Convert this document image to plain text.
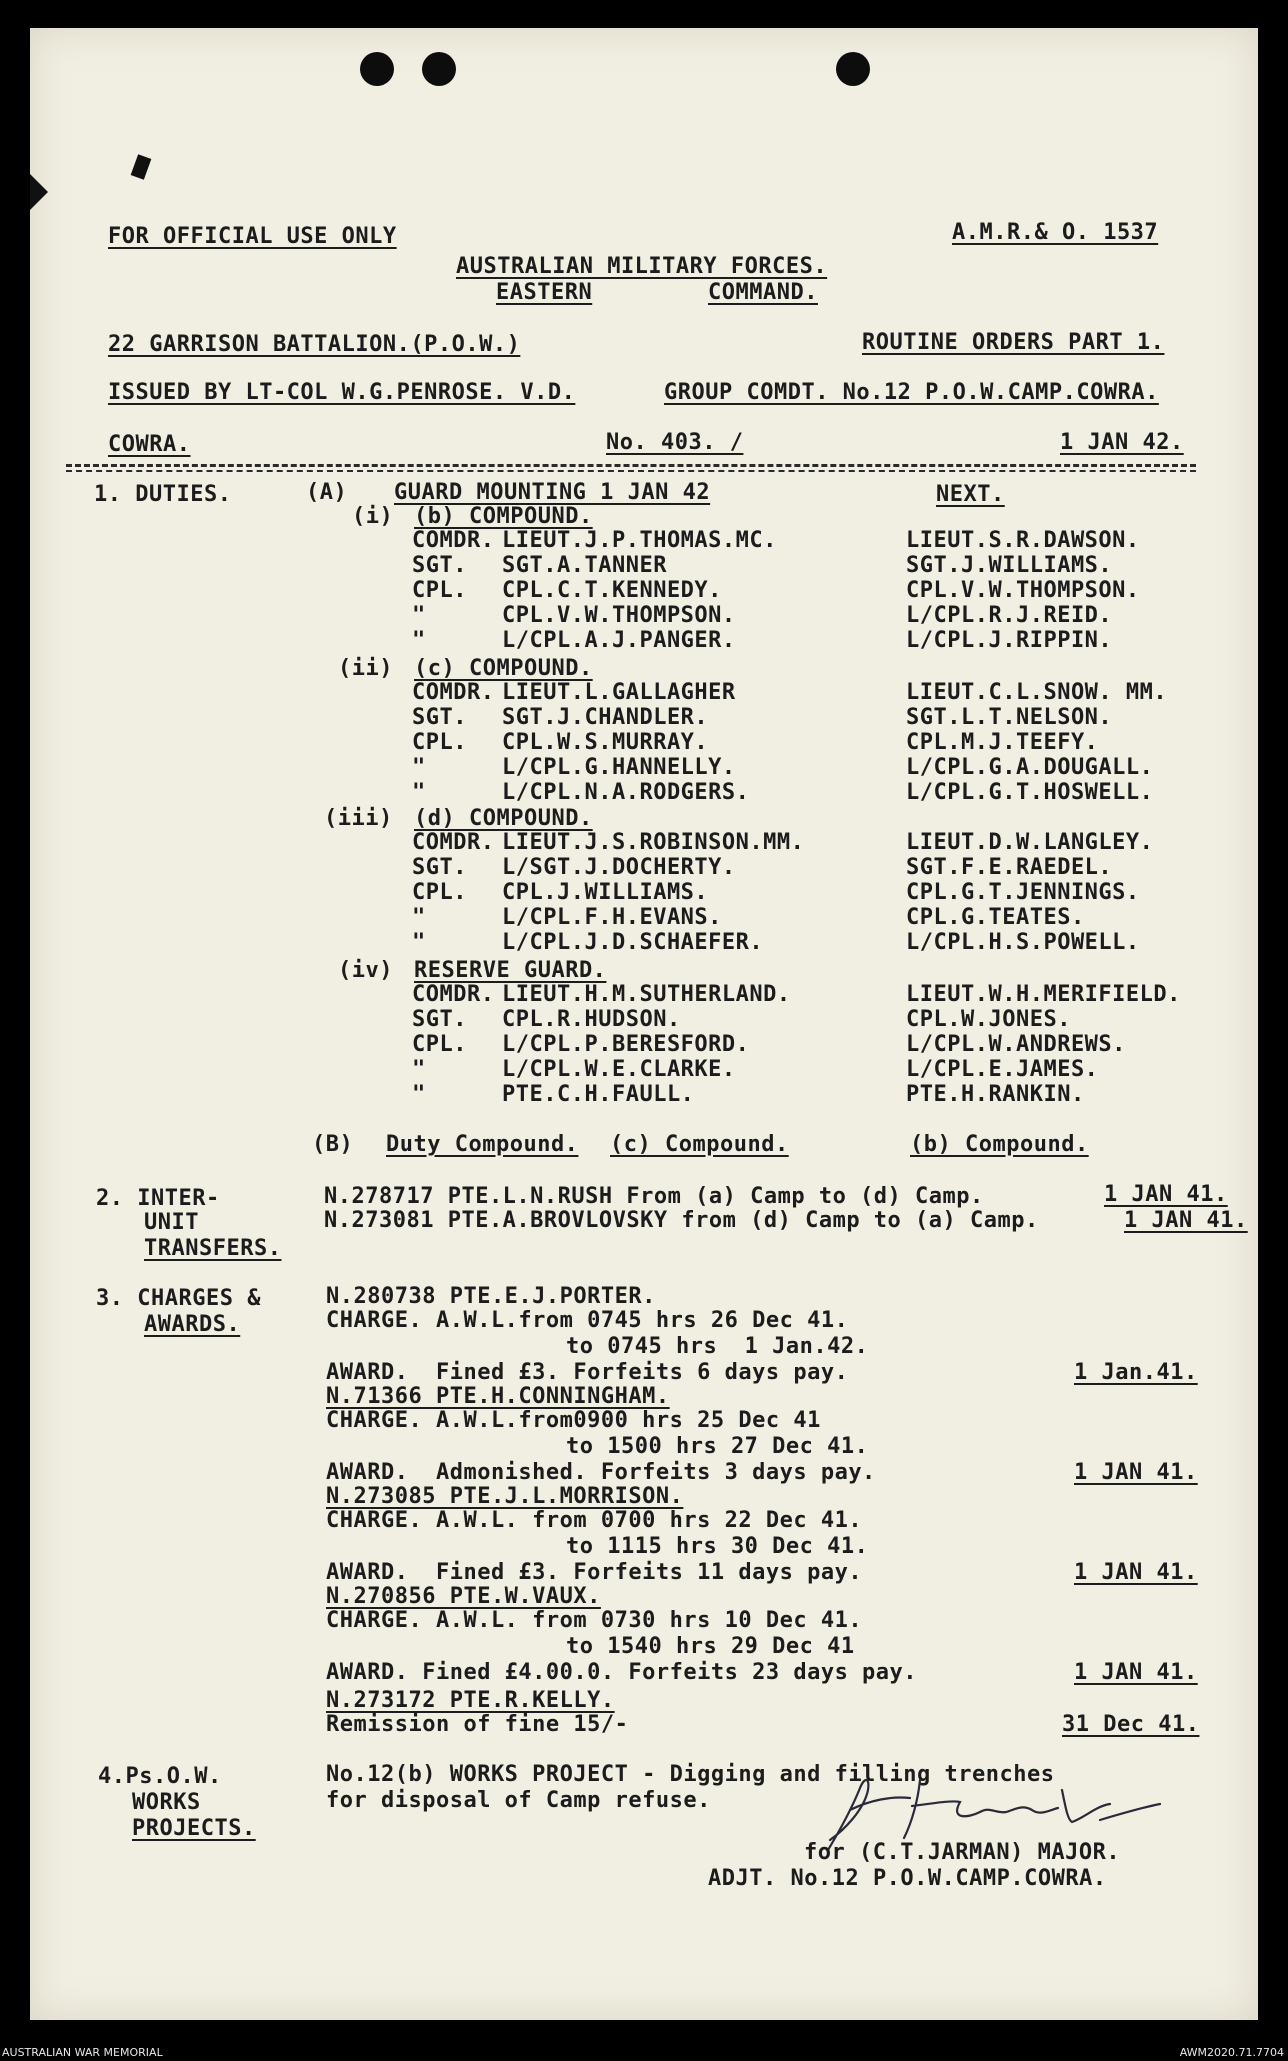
FOR OFFICIAL USE ONLY	A.M.R.& O. 1537
AUSTRALIAN MILITARY FORCES.
EASTERN	COMMAND.
22 GARRISON BATTALION.(P.O.W.)	ROUTINE ORDERS PART 1.
ISSUED BY LT-COL W.G.PENROSE. V.D.	GROUP COMDT. No.12 P.O.W.CAMP.COWRA.
COWRA.	No. 403. /	1 JAN 42.
1. DUTIES.	(A) GUARD MOUNTING 1 JAN 42	NEXT.
(i) (b) COMPOUND.
COMDR. LIEUT.J.P.THOMAS.MC.	LIEUT.S.R.DAWSON.
SGT. SGT.A.TANNER	SGT.J.WILLIAMS.
CPL. CPL.C.T.KENNEDY.	CPL.V.W.THOMPSON.
"	CPL.V.W.THOMPSON.	L/CPL.R.J.REID.
"	L/CPL.A.J.PANGER.	L/CPL.J.RIPPIN.
(ii) (c) COMPOUND.
COMDR. LIEUT.L.GALLAGHER	LIEUT.C.L.SNOW. MM.
SGT. SGT.J.CHANDLER.	SGT.L.T.NELSON.
CPL. CPL.W.S.MURRAY.	CPL.M.J.TEEFY.
"	L/CPL.G.HANNELLY.	L/CPL.G.A.DOUGALL.
"	L/CPL.N.A.RODGERS.	L/CPL.G.T.HOSWELL.
(iii) (d) COMPOUND.
COMDR. LIEUT.J.S.ROBINSON.MM.	LIEUT.D.W.LANGLEY.
SGT. L/SGT.J.DOCHERTY.	SGT.F.E.RAEDEL.
CPL. CPL.J.WILLIAMS.	CPL.G.T.JENNINGS.
"	L/CPL.F.H.EVANS.	CPL.G.TEATES.
"	L/CPL.J.D.SCHAEFER.	L/CPL.H.S.POWELL.
(iv) RESERVE GUARD.
COMDR. LIEUT.H.M.SUTHERLAND.	LIEUT.W.H.MERIFIELD.
SGT. CPL.R.HUDSON.	CPL.W.JONES.
CPL. L/CPL.P.BERESFORD.	L/CPL.W.ANDREWS.
"	L/CPL.W.E.CLARKE.	L/CPL.E.JAMES.
"	PTE.C.H.FAULL.	PTE.H.RANKIN.
(B) Duty Compound. (c) Compound.	(b) Compound.
2. INTER-
UNIT
TRANSFERS.
N.278717 PTE.L.N.RUSH From (a) Camp to (d) Camp.	1 JAN 41.
N.273081 PTE.A.BROVLOVSKY from (d) Camp to (a) Camp.	1 JAN 41.
3. CHARGES &
AWARDS.
N.280738 PTE.E.J.PORTER.
CHARGE. A.W.L.from 0745 hrs 26 Dec 41.
to 0745 hrs  1 Jan.42.
AWARD.  Fined £3. Forfeits 6 days pay.	1 Jan.41.
N.71366 PTE.H.CONNINGHAM.
CHARGE. A.W.L.from0900 hrs 25 Dec 41
to 1500 hrs 27 Dec 41.
AWARD.  Admonished. Forfeits 3 days pay.	1 JAN 41.
N.273085 PTE.J.L.MORRISON.
CHARGE. A.W.L. from 0700 hrs 22 Dec 41.
to 1115 hrs 30 Dec 41.
AWARD.  Fined £3. Forfeits 11 days pay.	1 JAN 41.
N.270856 PTE.W.VAUX.
CHARGE. A.W.L. from 0730 hrs 10 Dec 41.
to 1540 hrs 29 Dec 41
AWARD. Fined £4.00.0. Forfeits 23 days pay.	1 JAN 41.
N.273172 PTE.R.KELLY.
Remission of fine 15/-	31 Dec 41.
4.Ps.O.W.
WORKS
PROJECTS.
No.12(b) WORKS PROJECT - Digging and filling trenches
for disposal of Camp refuse.
for (C.T.JARMAN) MAJOR.
ADJT. No.12 P.O.W.CAMP.COWRA.
AUSTRALIAN WAR MEMORIAL	AWM2020.71.7704
